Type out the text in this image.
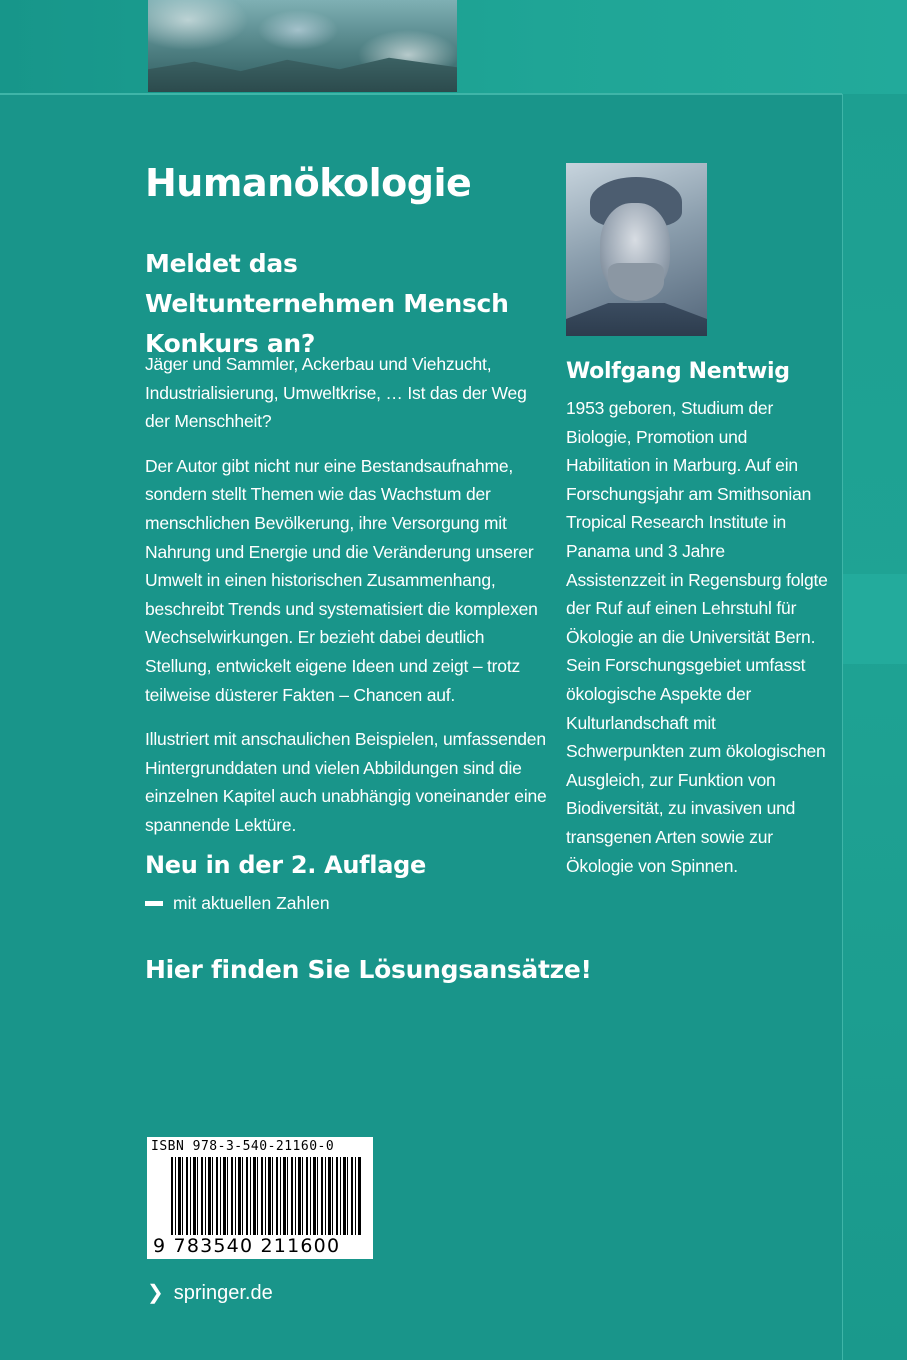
Humanökologie
Meldet das Weltunternehmen Mensch Konkurs an?

Jäger und Sammler, Ackerbau und Viehzucht, Industrialisierung, Umweltkrise, … Ist das der Weg der Menschheit?

Der Autor gibt nicht nur eine Bestandsaufnahme, sondern stellt Themen wie das Wachstum der menschlichen Bevölkerung, ihre Versorgung mit Nahrung und Energie und die Veränderung unserer Umwelt in einen historischen Zusammenhang, beschreibt Trends und systematisiert die komplexen Wechselwirkungen. Er bezieht dabei deutlich Stellung, entwickelt eigene Ideen und zeigt – trotz teilweise düsterer Fakten – Chancen auf.

Illustriert mit anschaulichen Beispielen, umfassenden Hintergrunddaten und vielen Abbildungen sind die einzelnen Kapitel auch unabhängig voneinander eine spannende Lektüre.

Neu in der 2. Auflage
mit aktuellen Zahlen
Hier finden Sie Lösungsansätze!
Wolfgang Nentwig

1953 geboren, Studium der Biologie, Promotion und Habilitation in Marburg. Auf ein Forschungsjahr am Smithsonian Tropical Research Institute in Panama und 3 Jahre Assistenzzeit in Regensburg folgte der Ruf auf einen Lehrstuhl für Ökologie an die Universität Bern. Sein Forschungsgebiet umfasst ökologische Aspekte der Kulturlandschaft mit Schwerpunkten zum ökologischen Ausgleich, zur Funktion von Biodiversität, zu invasiven und transgenen Arten sowie zur Ökologie von Spinnen.

ISBN 978-3-540-21160-0
9 783540 211600
❯ springer.de
